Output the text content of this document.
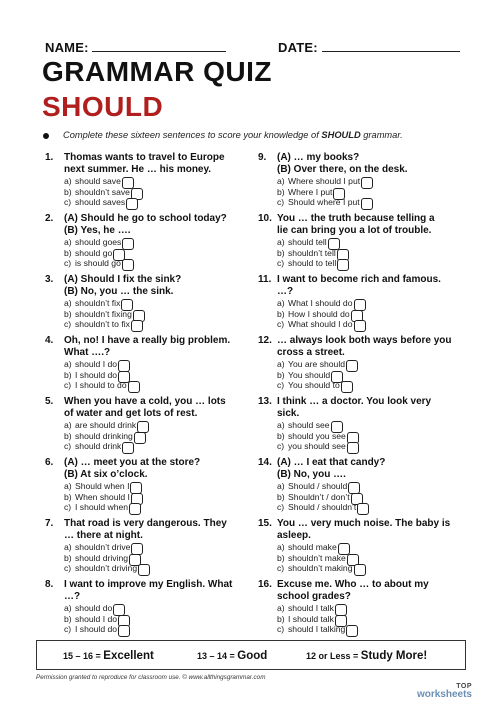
NAME:	DATE:
GRAMMAR QUIZ
SHOULD
Complete these sixteen sentences to score your knowledge of SHOULD grammar.
1. Thomas wants to travel to Europe
next summer. He … his money.
a) should save
b) shouldn’t save
c) should saves
2. (A) Should he go to school today?
(B) Yes, he ….
a) should goes
b) should go
c) is should go
3. (A) Should I fix the sink?
(B) No, you … the sink.
a) shouldn’t fix
b) shouldn’t fixing
c) shouldn’t to fix
4. Oh, no! I have a really big problem.
What ….?
a) should I do
b) I should do
c) I should to do
5. When you have a cold, you … lots
of water and get lots of rest.
a) are should drink
b) should drinking
c) should drink
6. (A) … meet you at the store?
(B) At six o’clock.
a) Should when I
b) When should I
c) I should when
7. That road is very dangerous. They
… there at night.
a) shouldn’t drive
b) should driving
c) shouldn’t driving
8. I want to improve my English. What
…?
a) should do
b) should I do
c) I should do
9. (A) … my books?
(B) Over there, on the desk.
a) Where should I put
b) Where I put
c) Should where I put
10. You … the truth because telling a
lie can bring you a lot of trouble.
a) should tell
b) shouldn’t tell
c) should to tell
11. I want to become rich and famous.
…?
a) What I should do
b) How I should do
c) What should I do
12. … always look both ways before you
cross a street.
a) You are should
b) You should
c) You should to
13. I think … a doctor. You look very
sick.
a) should see
b) should you see
c) you should see
14. (A) … I eat that candy?
(B) No, you ….
a) Should / should
b) Shouldn’t / don’t
c) Should / shouldn’t
15. You … very much noise. The baby is
asleep.
a) should make
b) shouldn’t make
c) shouldn’t making
16. Excuse me. Who … to about my
school grades?
a) should I talk
b) I should talk
c) should I talking
15 – 16 = Excellent	13 – 14 = Good	12 or Less = Study More!
Permission granted to reproduce for classroom use. © www.allthingsgrammar.com
TOP
worksheets
